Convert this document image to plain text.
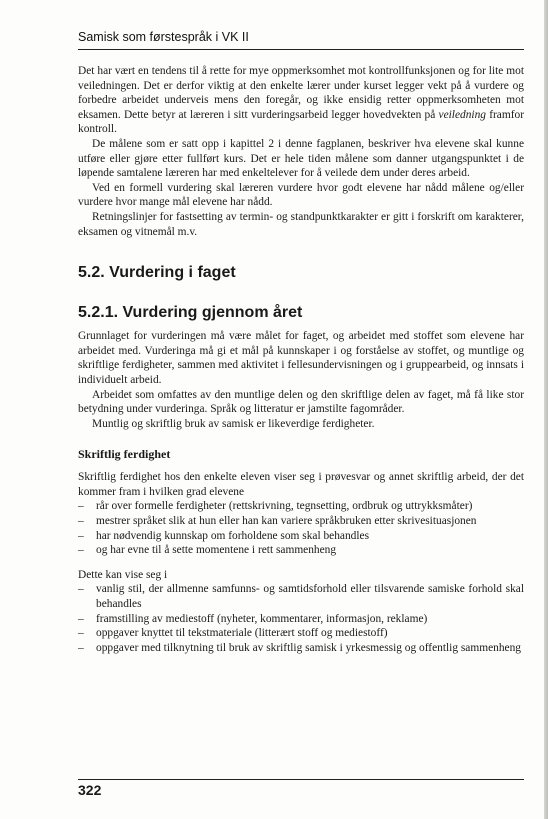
Samisk som førstespråk i VK II

Det har vært en tendens til å rette for mye oppmerksomhet mot kontrollfunksjonen og for lite mot veiledningen. Det er derfor viktig at den enkelte lærer under kurset legger vekt på å vurdere og forbedre arbeidet underveis mens den foregår, og ikke ensidig retter oppmerksomheten mot eksamen. Dette betyr at læreren i sitt vurderingsarbeid legger hovedvekten på veiledning framfor kontroll.

De målene som er satt opp i kapittel 2 i denne fagplanen, beskriver hva elevene skal kunne utføre eller gjøre etter fullført kurs. Det er hele tiden målene som danner utgangspunktet i de løpende samtalene læreren har med enkeltelever for å veilede dem under deres arbeid.

Ved en formell vurdering skal læreren vurdere hvor godt elevene har nådd målene og/eller vurdere hvor mange mål elevene har nådd.

Retningslinjer for fastsetting av termin- og standpunktkarakter er gitt i forskrift om karakterer, eksamen og vitnemål m.v.

5.2. Vurdering i faget
5.2.1. Vurdering gjennom året

Grunnlaget for vurderingen må være målet for faget, og arbeidet med stoffet som elevene har arbeidet med. Vurderinga må gi et mål på kunnskaper i og forståelse av stoffet, og muntlige og skriftlige ferdigheter, sammen med aktivitet i fellesundervisningen og i gruppearbeid, og innsats i individuelt arbeid.

Arbeidet som omfattes av den muntlige delen og den skriftlige delen av faget, må få like stor betydning under vurderinga. Språk og litteratur er jamstilte fagområder.

Muntlig og skriftlig bruk av samisk er likeverdige ferdigheter.

Skriftlig ferdighet

Skriftlig ferdighet hos den enkelte eleven viser seg i prøvesvar og annet skriftlig arbeid, der det kommer fram i hvilken grad elevene

– rår over formelle ferdigheter (rettskrivning, tegnsetting, ordbruk og uttrykksmåter)
– mestrer språket slik at hun eller han kan variere språkbruken etter skrivesituasjonen
– har nødvendig kunnskap om forholdene som skal behandles
– og har evne til å sette momentene i rett sammenheng

Dette kan vise seg i

– vanlig stil, der allmenne samfunns- og samtidsforhold eller tilsvarende samiske forhold skal behandles
– framstilling av mediestoff (nyheter, kommentarer, informasjon, reklame)
– oppgaver knyttet til tekstmateriale (litterært stoff og mediestoff)
– oppgaver med tilknytning til bruk av skriftlig samisk i yrkesmessig og offentlig sammenheng
322
